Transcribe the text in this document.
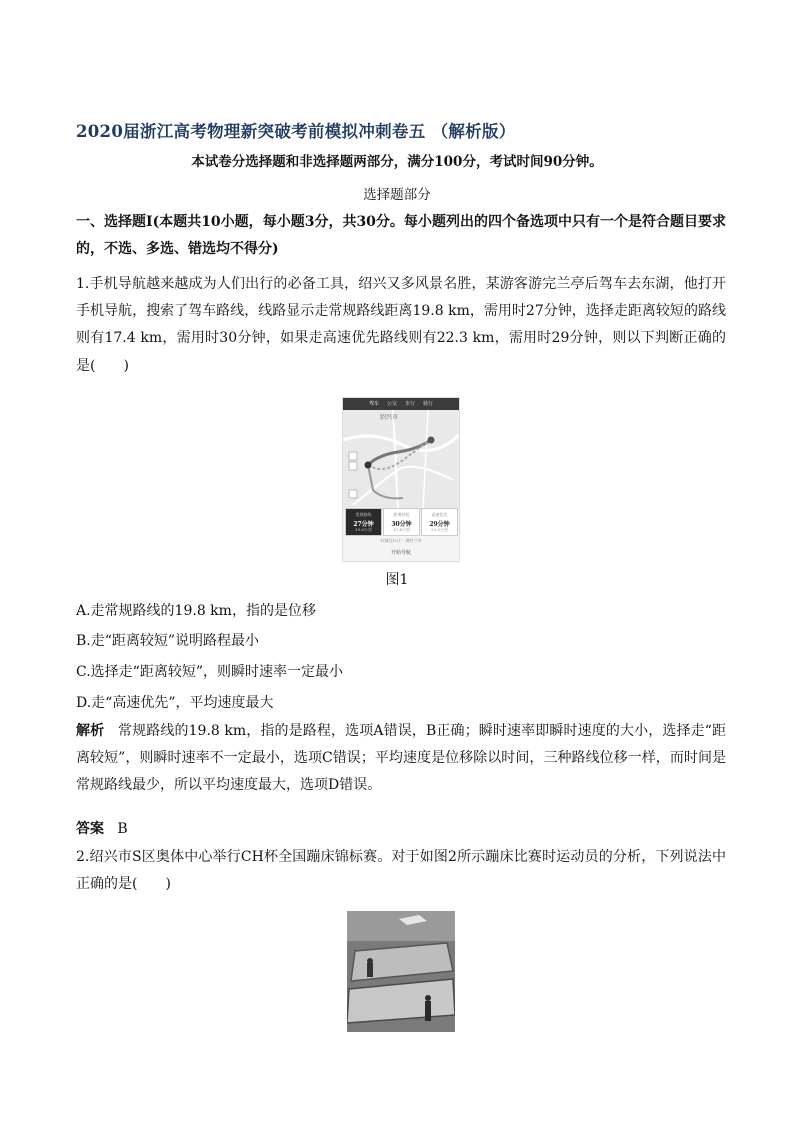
2020届浙江高考物理新突破考前模拟冲刺卷五 （解析版）
本试卷分选择题和非选择题两部分，满分100分，考试时间90分钟。
选择题部分
一、选择题Ⅰ(本题共10小题，每小题3分，共30分。每小题列出的四个备选项中只有一个是符合题目要求的，不选、多选、错选均不得分)
1.手机导航越来越成为人们出行的必备工具，绍兴又多风景名胜，某游客游完兰亭后驾车去东湖，他打开手机导航，搜索了驾车路线，线路显示走常规路线距离19.8 km，需用时27分钟，选择走距离较短的路线则有17.4 km，需用时30分钟，如果走高速优先路线则有22.3 km，需用时29分钟，则以下判断正确的是(　　)
驾车 公交 步行 骑行
绍兴市
常规路线
27分钟
19.8公里
距离较短
30分钟
17.4公里
高速优先
29分钟
22.3公里
红绿灯10个 · 途经兰亭
开始导航
图1
A.走常规路线的19.8 km，指的是位移
B.走“距离较短”说明路程最小
C.选择走“距离较短”，则瞬时速率一定最小
D.走“高速优先”，平均速度最大
解析 常规路线的19.8 km，指的是路程，选项A错误，B正确；瞬时速率即瞬时速度的大小，选择走“距离较短”，则瞬时速率不一定最小，选项C错误；平均速度是位移除以时间，三种路线位移一样，而时间是常规路线最少，所以平均速度最大，选项D错误。
答案 B
2.绍兴市S区奥体中心举行CH杯全国蹦床锦标赛。对于如图2所示蹦床比赛时运动员的分析，下列说法中正确的是(　　)
